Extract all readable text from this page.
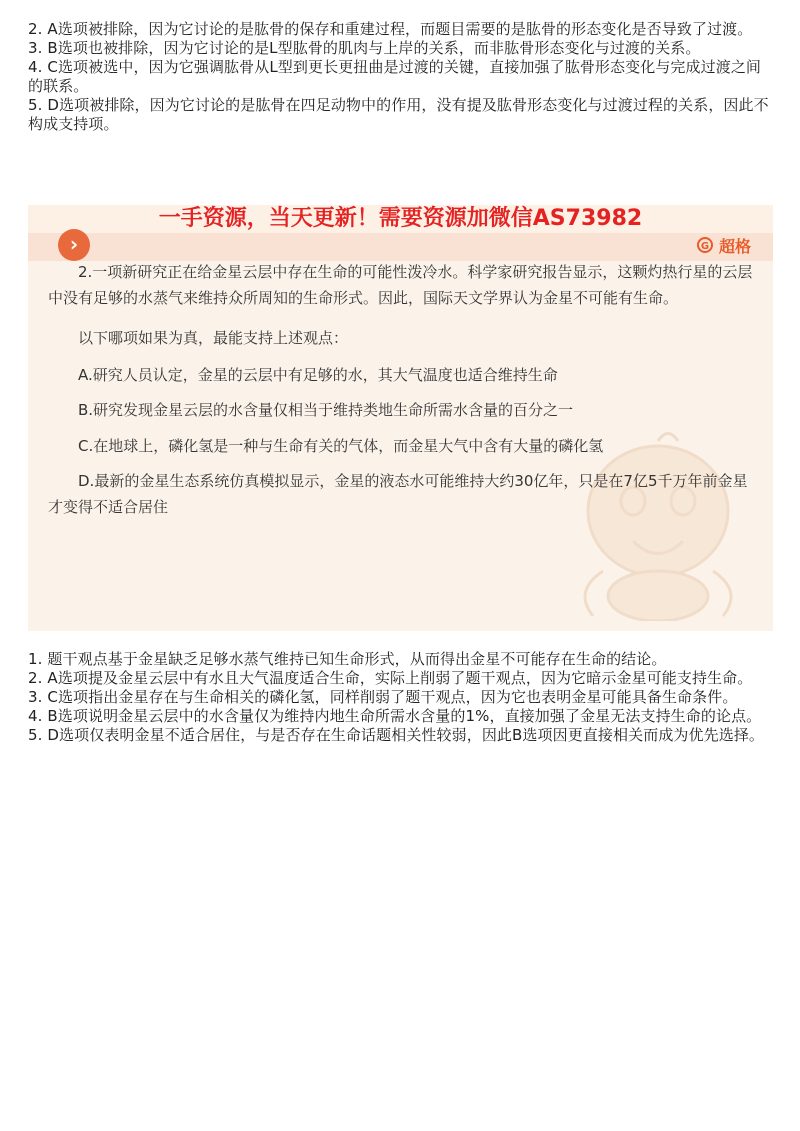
2. A选项被排除，因为它讨论的是肱骨的保存和重建过程，而题目需要的是肱骨的形态变化是否导致了过渡。

3. B选项也被排除，因为它讨论的是L型肱骨的肌肉与上岸的关系，而非肱骨形态变化与过渡的关系。

4. C选项被选中，因为它强调肱骨从L型到更长更扭曲是过渡的关键，直接加强了肱骨形态变化与完成过渡之间的联系。

5. D选项被排除，因为它讨论的是肱骨在四足动物中的作用，没有提及肱骨形态变化与过渡过程的关系，因此不构成支持项。

一手资源，当天更新！需要资源加微信AS73982
›	G 超格

2.一项新研究正在给金星云层中存在生命的可能性泼冷水。科学家研究报告显示，这颗灼热行星的云层中没有足够的水蒸气来维持众所周知的生命形式。因此，国际天文学界认为金星不可能有生命。

以下哪项如果为真，最能支持上述观点：

A.研究人员认定，金星的云层中有足够的水，其大气温度也适合维持生命

B.研究发现金星云层的水含量仅相当于维持类地生命所需水含量的百分之一

C.在地球上，磷化氢是一种与生命有关的气体，而金星大气中含有大量的磷化氢

D.最新的金星生态系统仿真模拟显示，金星的液态水可能维持大约30亿年，只是在7亿5千万年前金星才变得不适合居住

1. 题干观点基于金星缺乏足够水蒸气维持已知生命形式，从而得出金星不可能存在生命的结论。

2. A选项提及金星云层中有水且大气温度适合生命，实际上削弱了题干观点，因为它暗示金星可能支持生命。

3. C选项指出金星存在与生命相关的磷化氢，同样削弱了题干观点，因为它也表明金星可能具备生命条件。

4. B选项说明金星云层中的水含量仅为维持内地生命所需水含量的1%，直接加强了金星无法支持生命的论点。

5. D选项仅表明金星不适合居住，与是否存在生命话题相关性较弱，因此B选项因更直接相关而成为优先选择。
